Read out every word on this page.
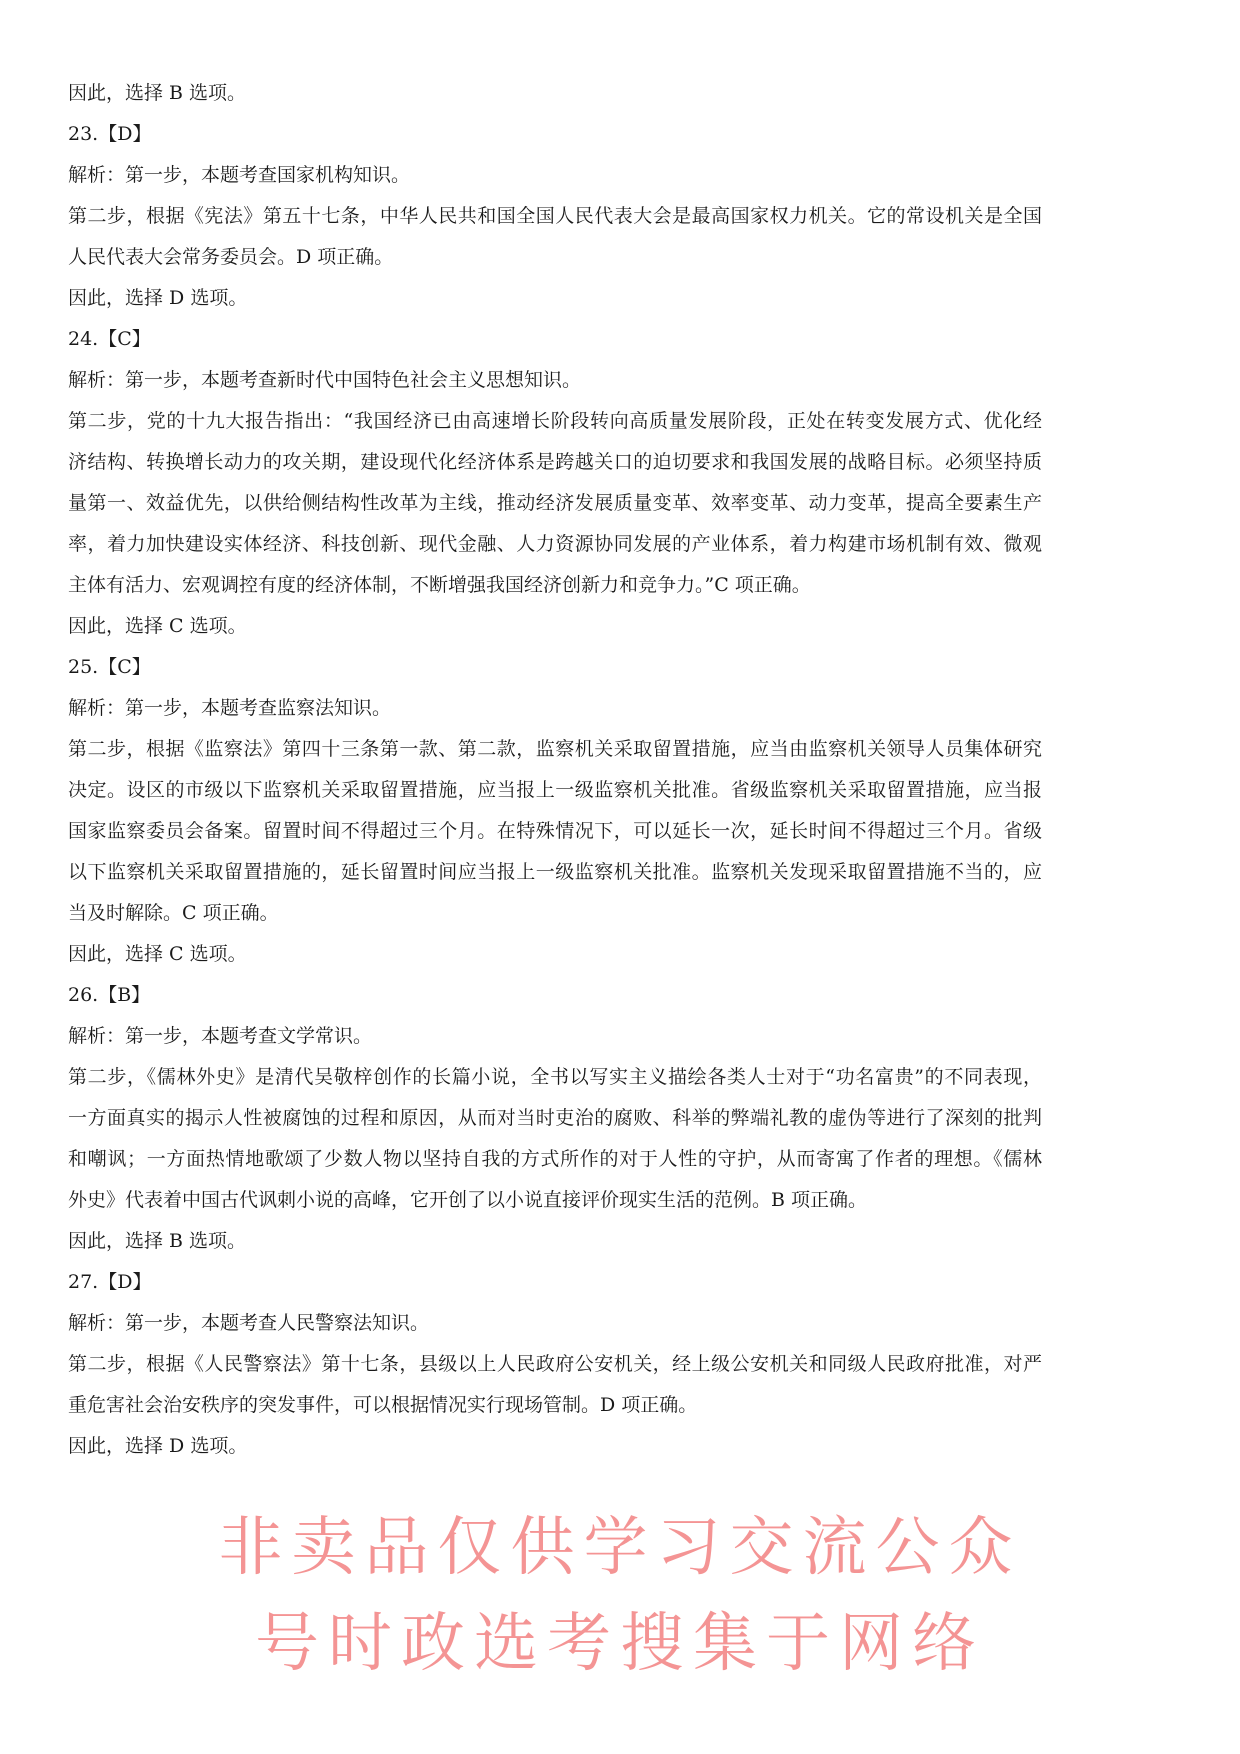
因此，选择 B 选项。
23.【D】
解析：第一步，本题考查国家机构知识。
第二步，根据《宪法》第五十七条，中华人民共和国全国人民代表大会是最高国家权力机关。它的常设机关是全国
人民代表大会常务委员会。D 项正确。
因此，选择 D 选项。
24.【C】
解析：第一步，本题考查新时代中国特色社会主义思想知识。
第二步，党的十九大报告指出：“我国经济已由高速增长阶段转向高质量发展阶段，正处在转变发展方式、优化经
济结构、转换增长动力的攻关期，建设现代化经济体系是跨越关口的迫切要求和我国发展的战略目标。必须坚持质
量第一、效益优先，以供给侧结构性改革为主线，推动经济发展质量变革、效率变革、动力变革，提高全要素生产
率，着力加快建设实体经济、科技创新、现代金融、人力资源协同发展的产业体系，着力构建市场机制有效、微观
主体有活力、宏观调控有度的经济体制，不断增强我国经济创新力和竞争力。”C 项正确。
因此，选择 C 选项。
25.【C】
解析：第一步，本题考查监察法知识。
第二步，根据《监察法》第四十三条第一款、第二款，监察机关采取留置措施，应当由监察机关领导人员集体研究
决定。设区的市级以下监察机关采取留置措施，应当报上一级监察机关批准。省级监察机关采取留置措施，应当报
国家监察委员会备案。留置时间不得超过三个月。在特殊情况下，可以延长一次，延长时间不得超过三个月。省级
以下监察机关采取留置措施的，延长留置时间应当报上一级监察机关批准。监察机关发现采取留置措施不当的，应
当及时解除。C 项正确。
因此，选择 C 选项。
26.【B】
解析：第一步，本题考查文学常识。
第二步，《儒林外史》是清代吴敬梓创作的长篇小说，全书以写实主义描绘各类人士对于“功名富贵”的不同表现，
一方面真实的揭示人性被腐蚀的过程和原因，从而对当时吏治的腐败、科举的弊端礼教的虚伪等进行了深刻的批判
和嘲讽；一方面热情地歌颂了少数人物以坚持自我的方式所作的对于人性的守护，从而寄寓了作者的理想。《儒林
外史》代表着中国古代讽刺小说的高峰，它开创了以小说直接评价现实生活的范例。B 项正确。
因此，选择 B 选项。
27.【D】
解析：第一步，本题考查人民警察法知识。
第二步，根据《人民警察法》第十七条，县级以上人民政府公安机关，经上级公安机关和同级人民政府批准，对严
重危害社会治安秩序的突发事件，可以根据情况实行现场管制。D 项正确。
因此，选择 D 选项。
非卖品仅供学习交流公众号时政选考搜集于网络
